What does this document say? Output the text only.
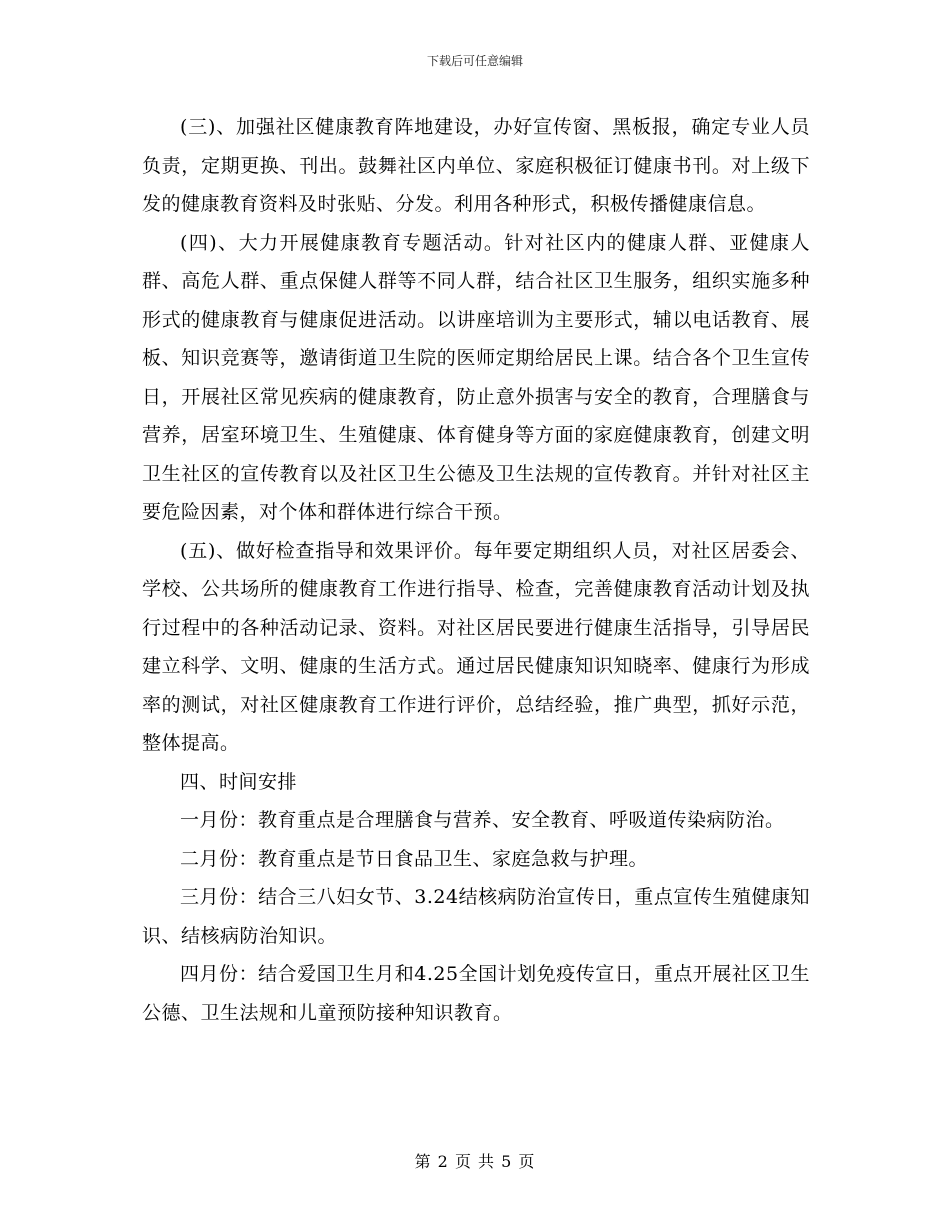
下载后可任意编辑

(三)、加强社区健康教育阵地建设，办好宣传窗、黑板报，确定专业人员负责，定期更换、刊出。鼓舞社区内单位、家庭积极征订健康书刊。对上级下发的健康教育资料及时张贴、分发。利用各种形式，积极传播健康信息。

(四)、大力开展健康教育专题活动。针对社区内的健康人群、亚健康人群、高危人群、重点保健人群等不同人群，结合社区卫生服务，组织实施多种形式的健康教育与健康促进活动。以讲座培训为主要形式，辅以电话教育、展板、知识竞赛等，邀请街道卫生院的医师定期给居民上课。结合各个卫生宣传日，开展社区常见疾病的健康教育，防止意外损害与安全的教育，合理膳食与营养，居室环境卫生、生殖健康、体育健身等方面的家庭健康教育，创建文明卫生社区的宣传教育以及社区卫生公德及卫生法规的宣传教育。并针对社区主要危险因素，对个体和群体进行综合干预。

(五)、做好检查指导和效果评价。每年要定期组织人员，对社区居委会、学校、公共场所的健康教育工作进行指导、检查，完善健康教育活动计划及执行过程中的各种活动记录、资料。对社区居民要进行健康生活指导，引导居民建立科学、文明、健康的生活方式。通过居民健康知识知晓率、健康行为形成率的测试，对社区健康教育工作进行评价，总结经验，推广典型，抓好示范，整体提高。

四、时间安排

一月份：教育重点是合理膳食与营养、安全教育、呼吸道传染病防治。

二月份：教育重点是节日食品卫生、家庭急救与护理。

三月份：结合三八妇女节、3.24结核病防治宣传日，重点宣传生殖健康知识、结核病防治知识。

四月份：结合爱国卫生月和4.25全国计划免疫传宣日，重点开展社区卫生公德、卫生法规和儿童预防接种知识教育。

第 2 页 共 5 页
